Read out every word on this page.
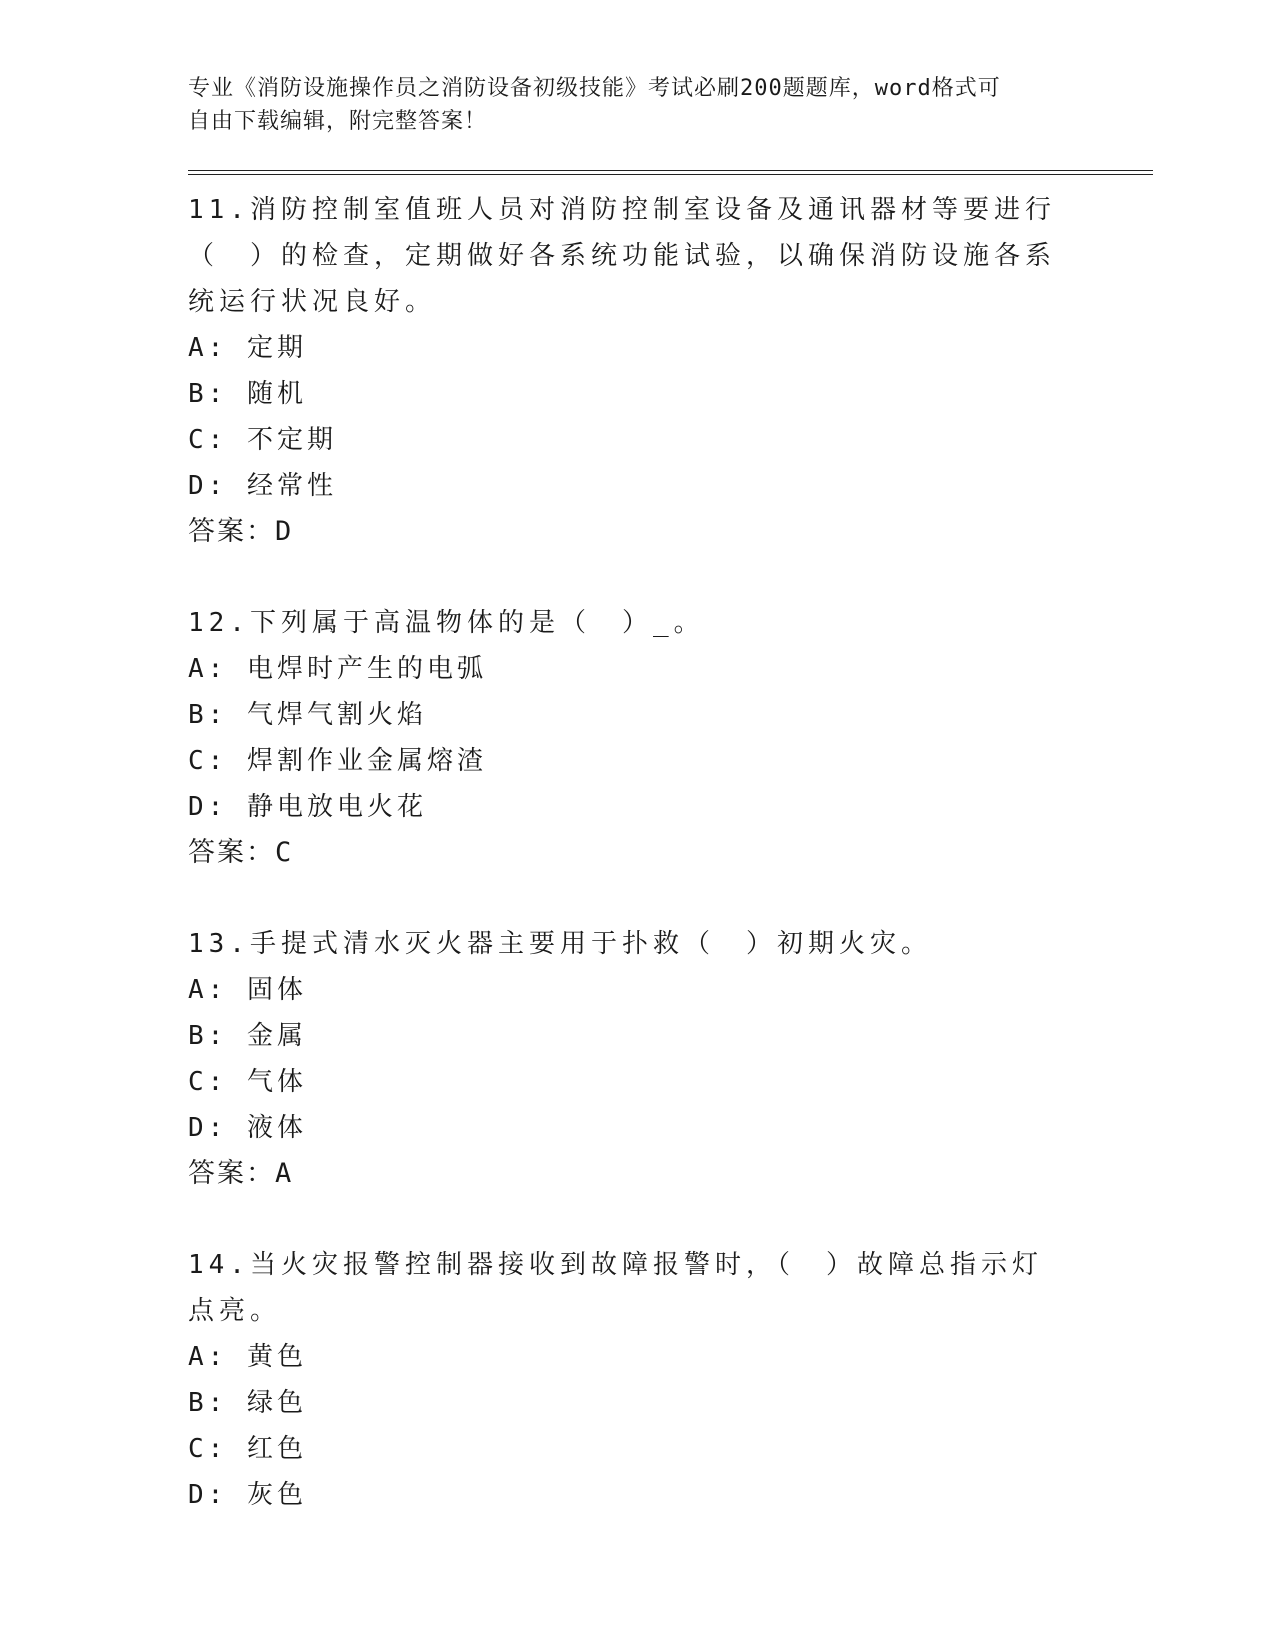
专业《消防设施操作员之消防设备初级技能》考试必刷200题题库，word格式可
自由下载编辑，附完整答案！

11.消防控制室值班人员对消防控制室设备及通讯器材等要进行（　）的检查，定期做好各系统功能试验，以确保消防设施各系统运行状况良好。

A: 定期

B: 随机

C: 不定期

D: 经常性

答案：D

12.下列属于高温物体的是（　）_。

A: 电焊时产生的电弧

B: 气焊气割火焰

C: 焊割作业金属熔渣

D: 静电放电火花

答案：C

13.手提式清水灭火器主要用于扑救（　）初期火灾。

A: 固体

B: 金属

C: 气体

D: 液体

答案：A

14.当火灾报警控制器接收到故障报警时，（　）故障总指示灯点亮。

A: 黄色

B: 绿色

C: 红色

D: 灰色
